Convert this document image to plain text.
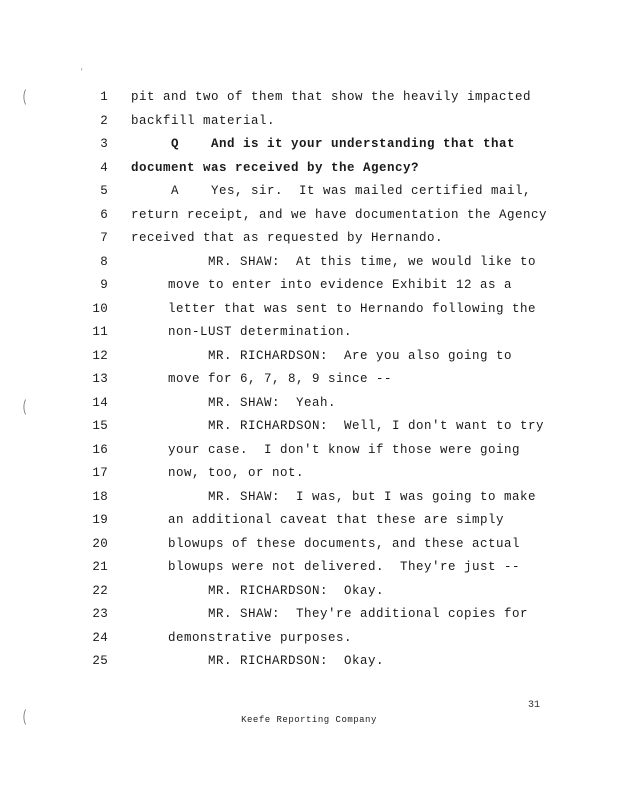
'
(
(
(
1 pit and two of them that show the heavily impacted
2 backfill material.
3 Q    And is it your understanding that that
4 document was received by the Agency?
5 A    Yes, sir.  It was mailed certified mail,
6 return receipt, and we have documentation the Agency
7 received that as requested by Hernando.
8	MR. SHAW:  At this time, we would like to
9	move to enter into evidence Exhibit 12 as a
10	letter that was sent to Hernando following the
11	non-LUST determination.
12	MR. RICHARDSON:  Are you also going to
13	move for 6, 7, 8, 9 since --
14	MR. SHAW:  Yeah.
15	MR. RICHARDSON:  Well, I don't want to try
16	your case.  I don't know if those were going
17	now, too, or not.
18	MR. SHAW:  I was, but I was going to make
19	an additional caveat that these are simply
20	blowups of these documents, and these actual
21	blowups were not delivered.  They're just --
22	MR. RICHARDSON:  Okay.
23	MR. SHAW:  They're additional copies for
24	demonstrative purposes.
25	MR. RICHARDSON:  Okay.
31
Keefe Reporting Company
